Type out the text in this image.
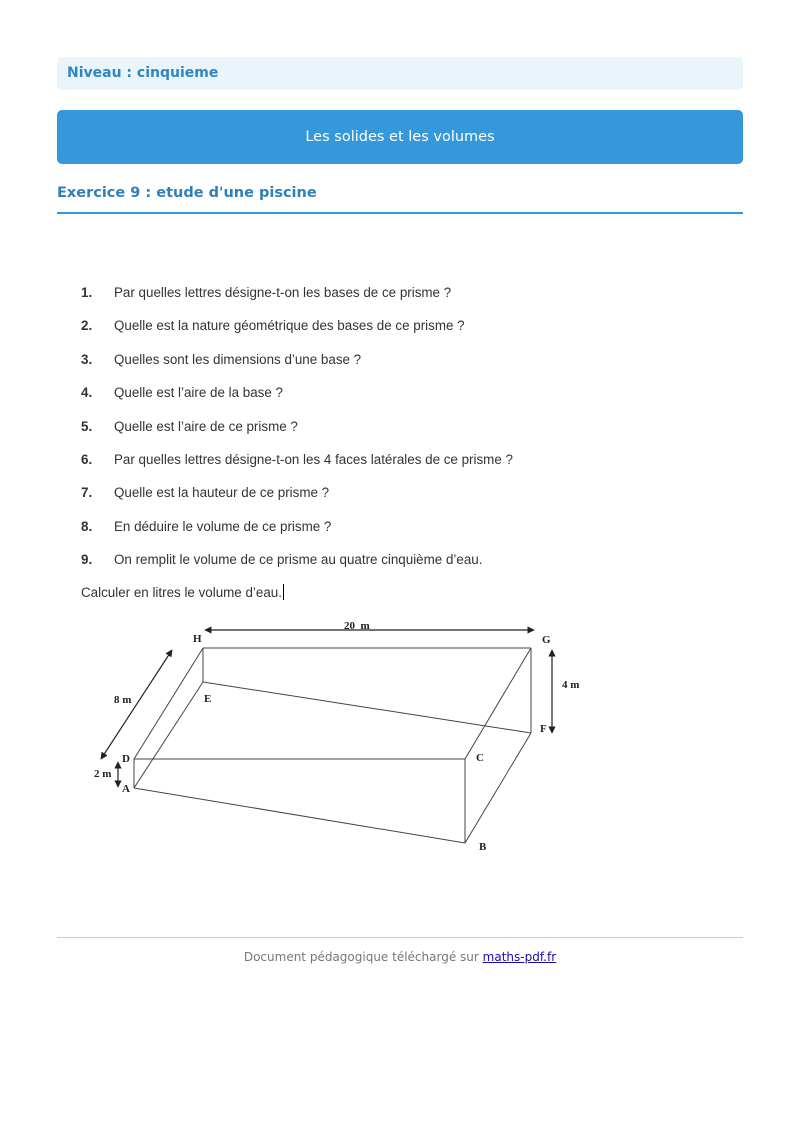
Niveau : cinquieme
Les solides et les volumes
Exercice 9 : etude d'une piscine
1. Par quelles lettres désigne-t-on les bases de ce prisme ?
2. Quelle est la nature géométrique des bases de ce prisme ?
3. Quelles sont les dimensions d’une base ?
4. Quelle est l’aire de la base ?
5. Quelle est l’aire de ce prisme ?
6. Par quelles lettres désigne-t-on les 4 faces latérales de ce prisme ?
7. Quelle est la hauteur de ce prisme ?
8. En déduire le volume de ce prisme ?
9. On remplit le volume de ce prisme au quatre cinquième d’eau.
Calculer en litres le volume d’eau.
H	G
E
F
D	C
A
B
20  m
8 m
4 m
2 m
Document pédagogique téléchargé sur maths-pdf.fr
